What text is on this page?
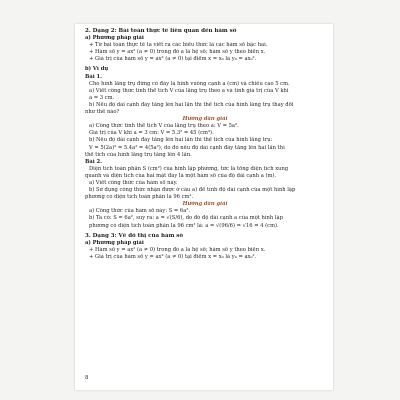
2. Dạng 2: Bài toán thực tế liên quan đến hàm số
a) Phương pháp giải
+ Từ bài toán thực tế ta viết ra các biểu thức là các hàm số bậc hai.
+ Hàm số y = ax² (a ≠ 0) trong đó a là hệ số; hàm số y theo biến x.
+ Giá trị của hàm số y = ax² (a ≠ 0) tại điểm x = x₀ là y₀ = ax₀².
b) Ví dụ
Bài 1.
Cho hình lăng trụ đứng có đáy là hình vuông cạnh a (cm) và chiều cao 5 cm.
a) Viết công thức tính thể tích V của lăng trụ theo a và tính giá trị của V khi
a = 3 cm.
b) Nếu độ dài cạnh đáy tăng lên hai lần thì thể tích của hình lăng trụ thay đổi
như thế nào?
Hướng dẫn giải
a) Công thức tính thể tích V của lăng trụ theo a: V = 5a².
Giá trị của V khi a = 3 cm: V = 5.3² = 45 (cm³).
b) Nếu độ dài cạnh đáy tăng lên hai lần thì thể tích của hình lăng trụ:
V = 5(2a)² = 5.4a² = 4(5a²), do đó nếu độ dài cạnh đáy tăng lên hai lần thì
thể tích của hình lăng trụ tăng lên 4 lần.
Bài 2.
Diện tích toàn phần S (cm²) của hình lập phương, tức là tổng diện tích xung
quanh và diện tích của hai mặt đáy là một hàm số của độ dài cạnh a (m).
a) Viết công thức của hàm số này.
b) Sử dụng công thức nhận được ở câu a) để tính độ dài cạnh của một hình lập
phương có diện tích toàn phần là 96 cm².
Hướng dẫn giải
a) Công thức của hàm số này: S = 6a².
b) Ta có: S = 6a², suy ra: a = √(S/6), do đó độ dài cạnh a của một hình lập
phương có diện tích toàn phần là 96 cm² là: a = √(96/6) = √16 = 4 (cm).
3. Dạng 3: Vẽ đồ thị của hàm số
a) Phương pháp giải
+ Hàm số y = ax² (a ≠ 0) trong đó a là hệ số; hàm số y theo biến x.
+ Giá trị của hàm số y = ax² (a ≠ 0) tại điểm x = x₀ là y₀ = ax₀².
8
